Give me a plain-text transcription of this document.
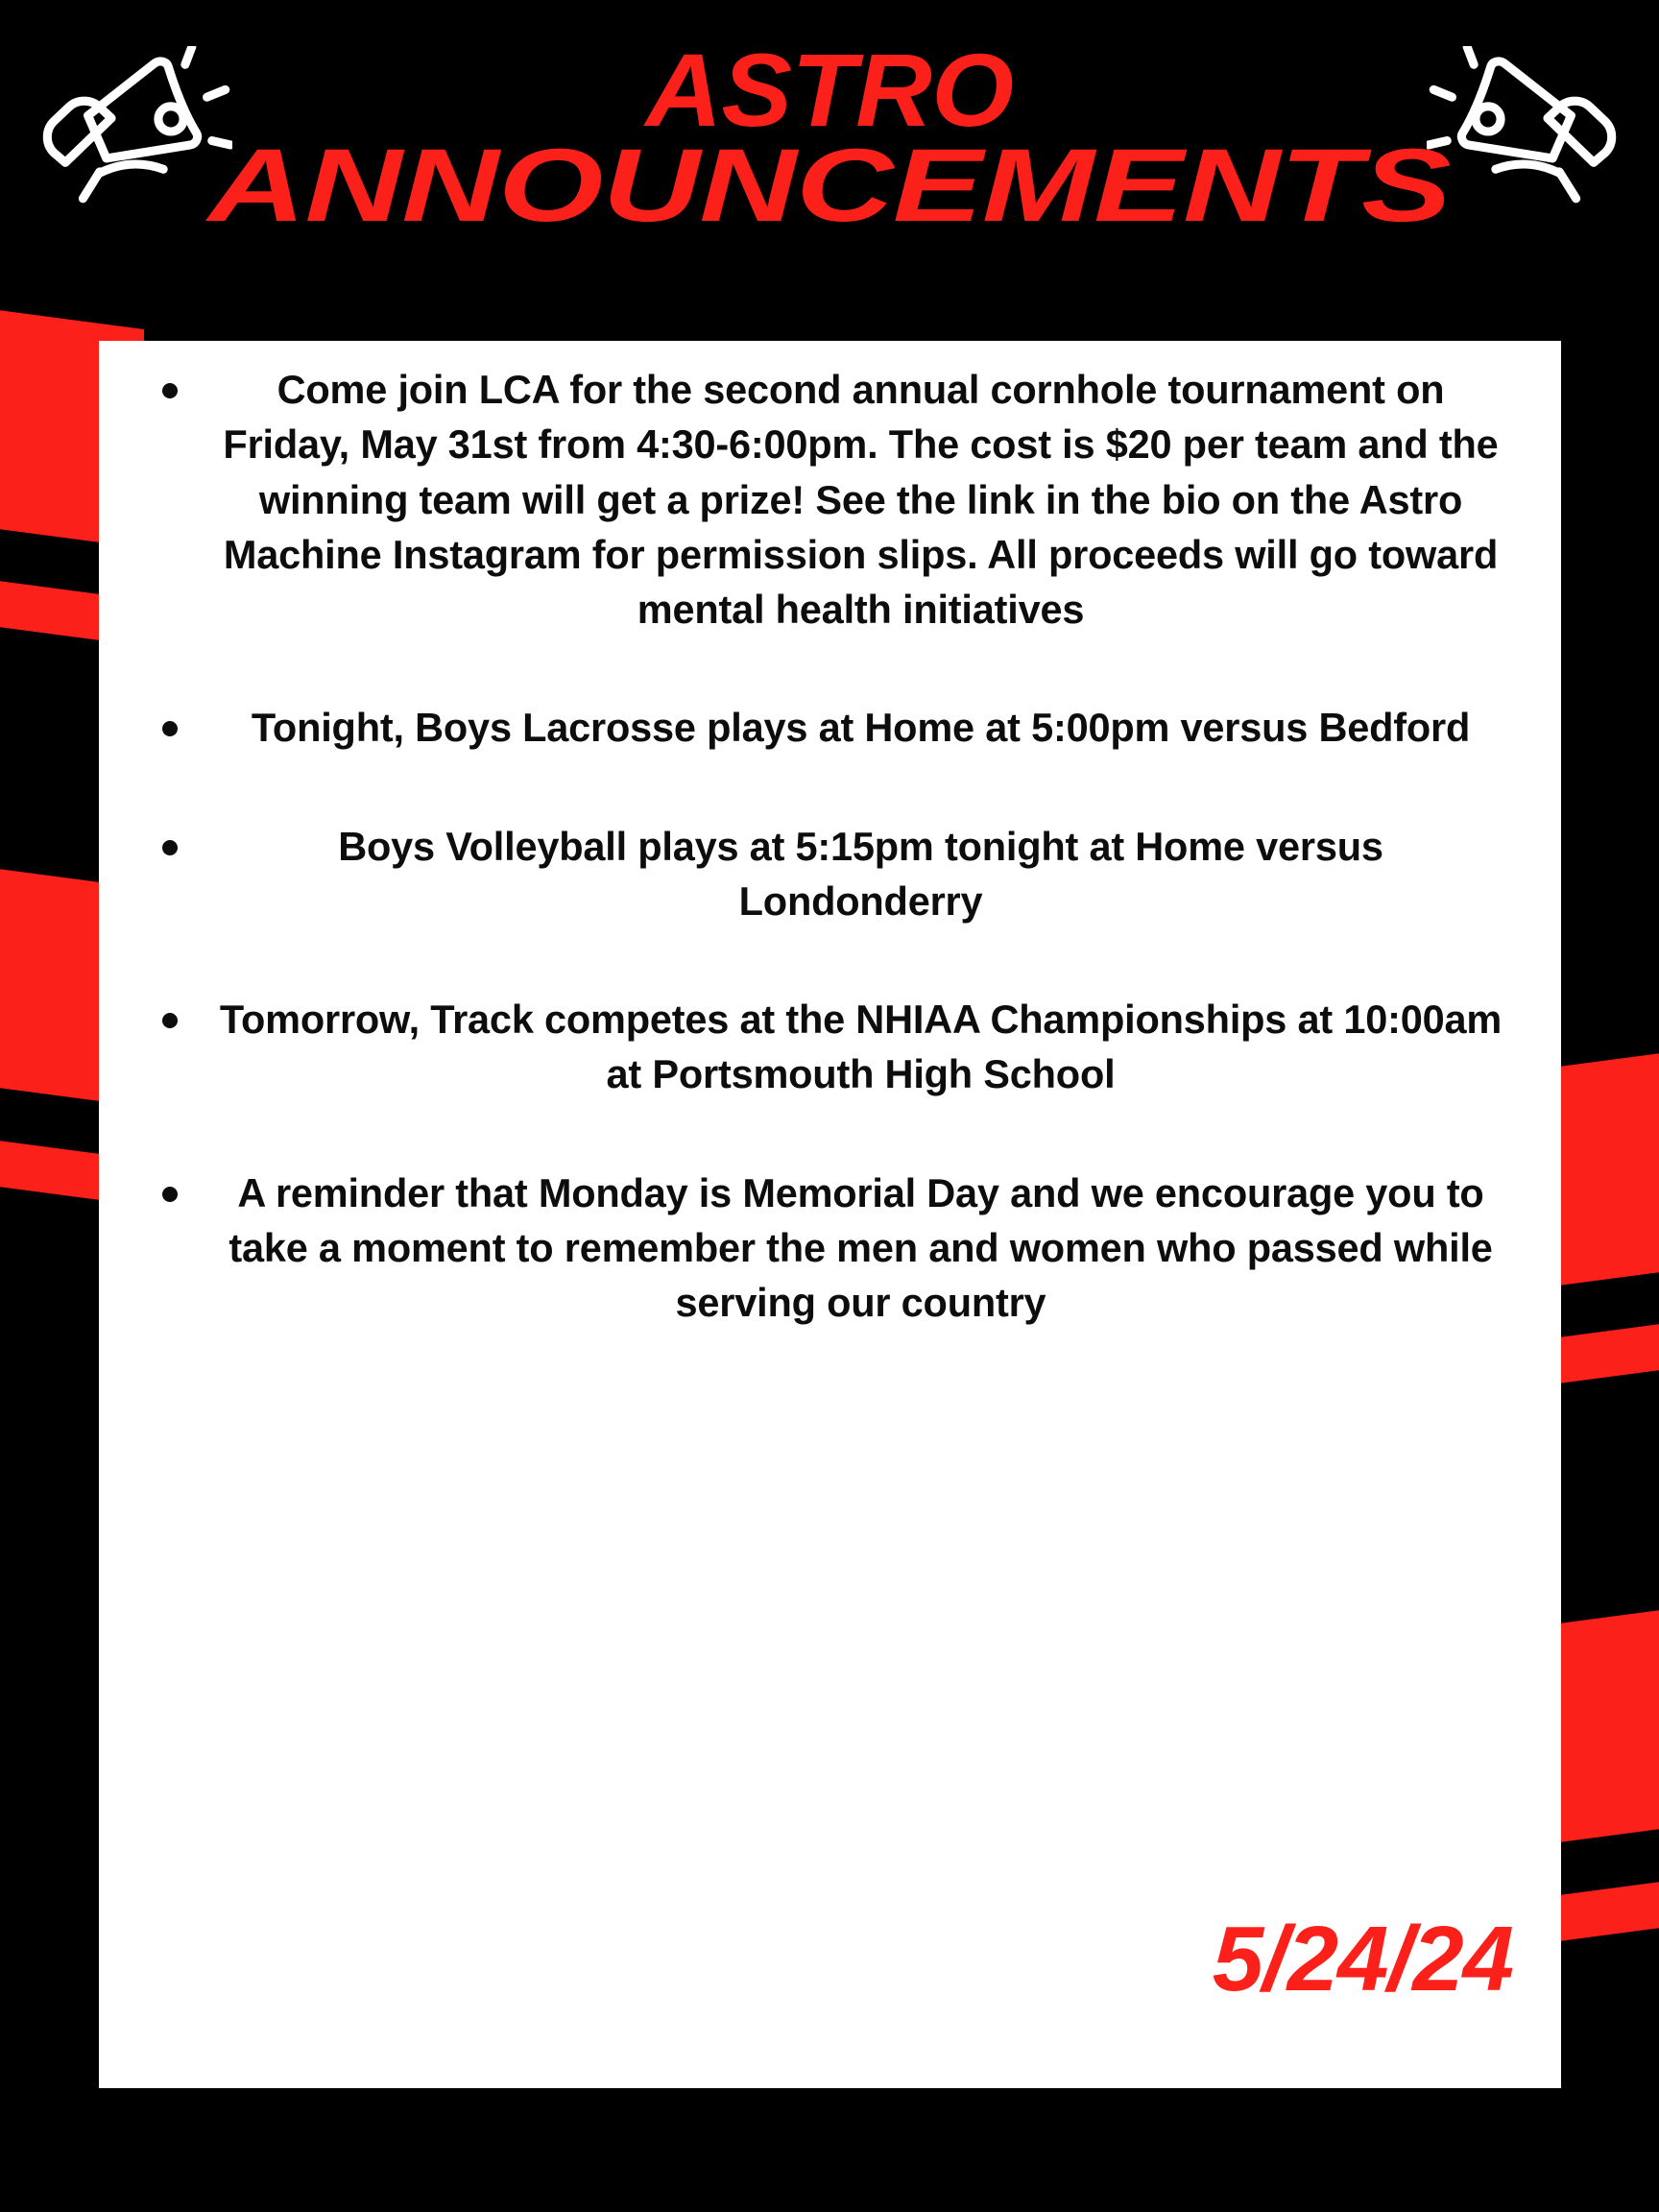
ASTRO
ANNOUNCEMENTS
Come join LCA for the second annual cornhole tournament on Friday, May 31st from 4:30-6:00pm. The cost is $20 per team and the winning team will get a prize! See the link in the bio on the Astro Machine Instagram for permission slips. All proceeds will go toward mental health initiatives
Tonight, Boys Lacrosse plays at Home at 5:00pm versus Bedford
Boys Volleyball plays at 5:15pm tonight at Home versus Londonderry
Tomorrow, Track competes at the NHIAA Championships at 10:00am at Portsmouth High School
A reminder that Monday is Memorial Day and we encourage you to take a moment to remember the men and women who passed while serving our country
5/24/24
